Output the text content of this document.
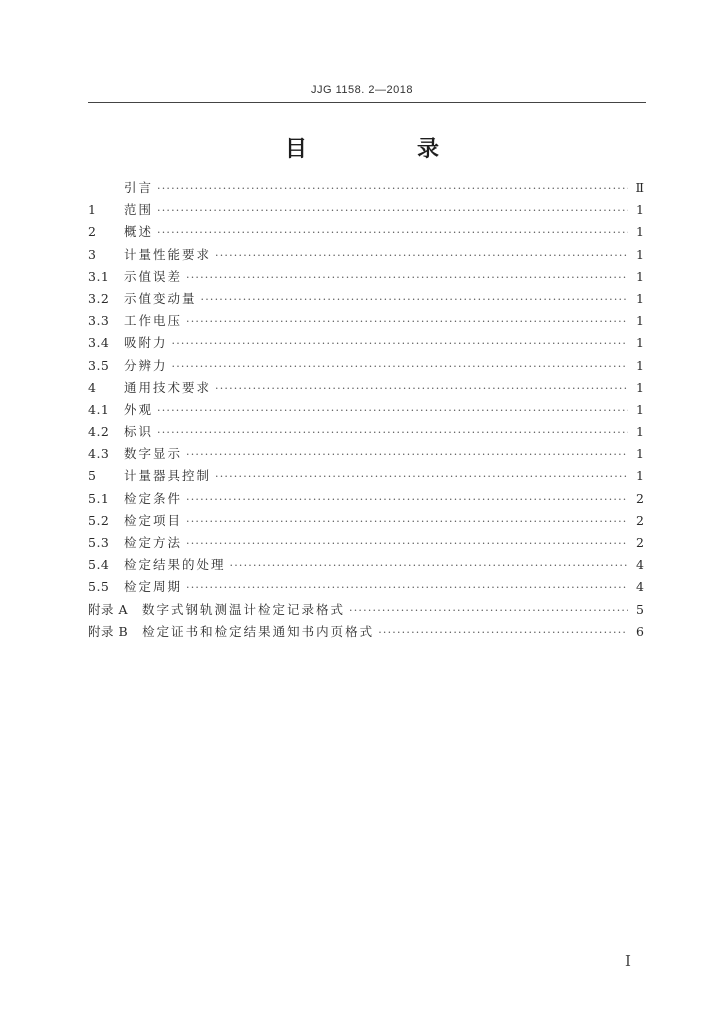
JJG 1158. 2—2018
目　录
引言 ·····	Ⅱ
1	范围 ·····	1
2	概述 ·····	1
3	计量性能要求 ·····	1
3.1	示值误差 ·····	1
3.2	示值变动量 ·····	1
3.3	工作电压 ·····	1
3.4	吸附力 ·····	1
3.5	分辨力 ·····	1
4	通用技术要求 ·····	1
4.1	外观 ·····	1
4.2	标识 ·····	1
4.3	数字显示 ·····	1
5	计量器具控制 ·····	1
5.1	检定条件 ·····	2
5.2	检定项目 ·····	2
5.3	检定方法 ·····	2
5.4	检定结果的处理 ·····	4
5.5	检定周期 ·····	4
附录 A 数字式钢轨测温计检定记录格式 ·····	5
附录 B 检定证书和检定结果通知书内页格式 ·····	6
Ⅰ
